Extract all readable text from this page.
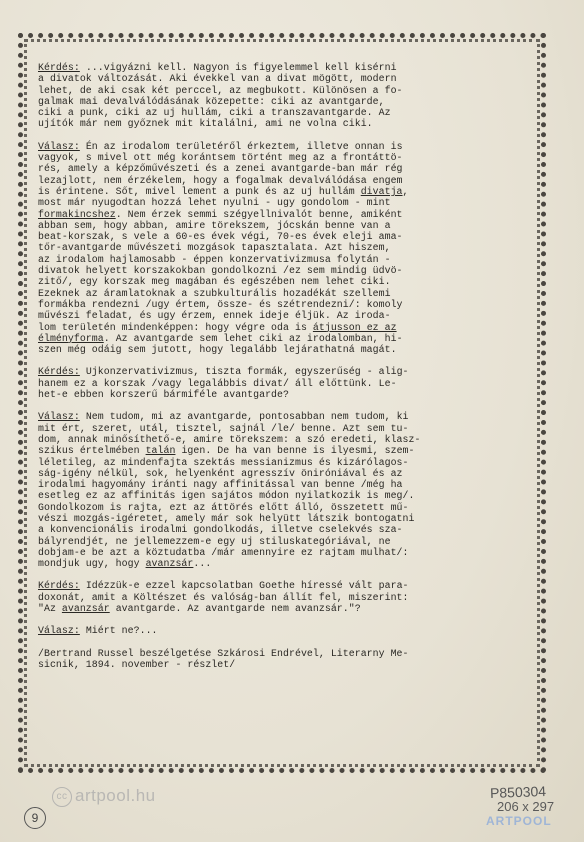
Kérdés: ...vigyázni kell. Nagyon is figyelemmel kell kisérni
a divatok változását. Aki évekkel van a divat mögött, modern
lehet, de aki csak két perccel, az megbukott. Különösen a fo-
galmak mai devalválódásának közepette: ciki az avantgarde,
ciki a punk, ciki az uj hullám, ciki a transzavantgarde. Az
ujítók már nem győznek mit kitalálni, ami ne volna ciki.
Válasz: Én az irodalom területéről érkeztem, illetve onnan is
vagyok, s mivel ott még korántsem történt meg az a frontáttö-
rés, amely a képzőművészeti és a zenei avantgarde-ban már rég
lezajlott, nem érzékelem, hogy a fogalmak devalválódása engem
is érintene. Sőt, mivel lement a punk és az uj hullám divatja,
most már nyugodtan hozzá lehet nyulni - ugy gondolom - mint
formakincshez. Nem érzek semmi szégyellnivalót benne, amiként
abban sem, hogy abban, amire törekszem, jócskán benne van a
beat-korszak, s vele a 60-es évek végi, 70-es évek eleji ama-
tőr-avantgarde művészeti mozgások tapasztalata. Azt hiszem,
az irodalom hajlamosabb - éppen konzervativizmusa folytán -
divatok helyett korszakokban gondolkozni /ez sem mindig üdvö-
zitő/, egy korszak meg magában és egészében nem lehet ciki.
Ezeknek az áramlatoknak a szubkulturális hozadékát szellemi
formákba rendezni /ugy értem, össze- és szétrendezni/: komoly
művészi feladat, és ugy érzem, ennek ideje éljük. Az iroda-
lom területén mindenképpen: hogy végre oda is átjusson ez az
élményforma. Az avantgarde sem lehet ciki az irodalomban, hi-
szen még odáig sem jutott, hogy legalább lejárathatná magát.
Kérdés: Ujkonzervativizmus, tiszta formák, egyszerűség - alig-
hanem ez a korszak /vagy legalábbis divat/ áll előttünk. Le-
het-e ebben korszerű bármiféle avantgarde?
Válasz: Nem tudom, mi az avantgarde, pontosabban nem tudom, ki
mit ért, szeret, utál, tisztel, sajnál /le/ benne. Azt sem tu-
dom, annak minősíthető-e, amire törekszem: a szó eredeti, klasz-
szikus értelmében talán igen. De ha van benne is ilyesmi, szem-
léletileg, az mindenfajta szektás messianizmus és kizárólagos-
ság-igény nélkül, sok, helyenként agresszív öniróniával és az
irodalmi hagyomány iránti nagy affinitással van benne /még ha
esetleg ez az affinitás igen sajátos módon nyilatkozik is meg/.
Gondolkozom is rajta, ezt az áttörés előtt álló, összetett mű-
vészi mozgás-igéretet, amely már sok helyütt látszik bontogatni
a konvencionális irodalmi gondolkodás, illetve cselekvés sza-
bályrendjét, ne jellemezzem-e egy uj stiluskategóriával, ne
dobjam-e be azt a köztudatba /már amennyire ez rajtam mulhat/:
mondjuk ugy, hogy avanzsár...
Kérdés: Idézzük-e ezzel kapcsolatban Goethe híressé vált para-
doxonát, amit a Költészet és valóság-ban állít fel, miszerint:
"Az avanzsár avantgarde. Az avantgarde nem avanzsár."?
Válasz: Miért ne?...
/Bertrand Russel beszélgetése Szkárosi Endrével, Literarny Me-
sicnik, 1894. november - részlet/
9
cc artpool.hu	P850304
206 x 297
ARTPOOL
